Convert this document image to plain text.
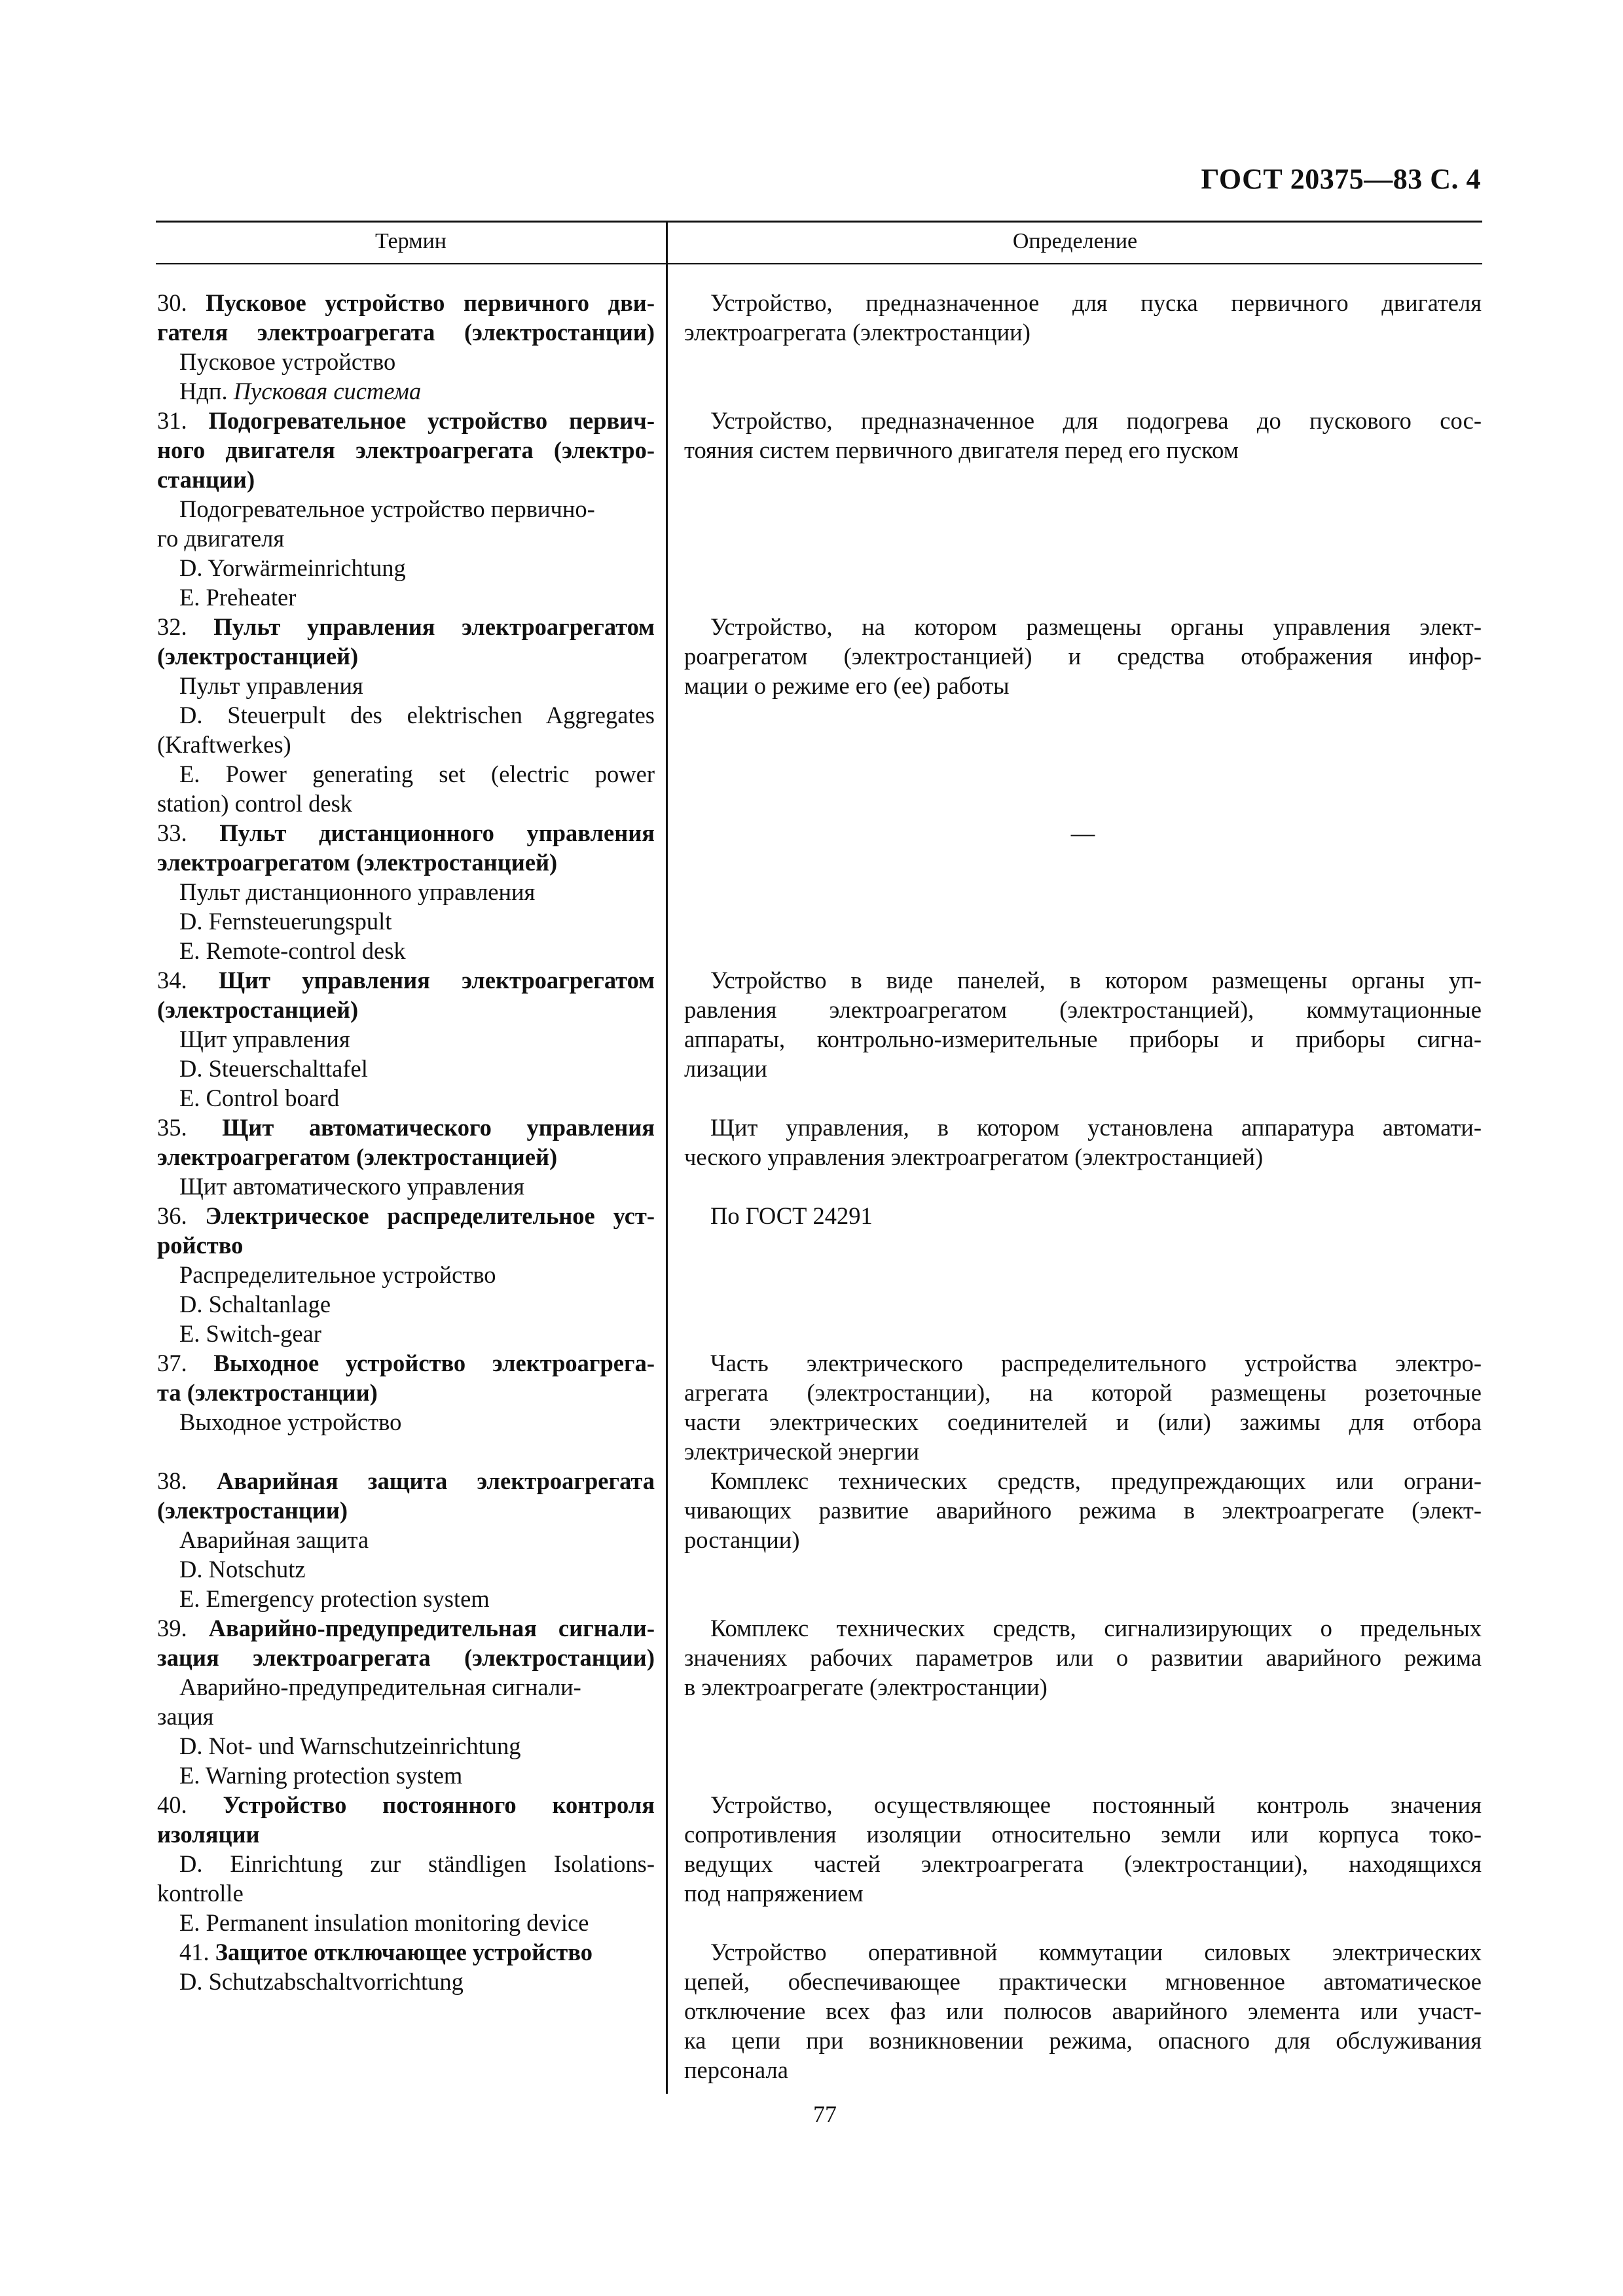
ГОСТ 20375—83 С. 4
Термин	Определение
30. Пусковое устройство первичного дви-
гателя электроагрегата (электростанции)
Пусковое устройство
Ндп. Пусковая система
31. Подогревательное устройство первич-
ного двигателя электроагрегата (электро-
станции)
Подогревательное устройство первично-
го двигателя
D. Yorwärmeinrichtung
E. Preheater
32. Пульт управления электроагрегатом
(электростанцией)
Пульт управления
D. Steuerpult des elektrischen Aggregates
(Kraftwerkes)
E. Power generating set (electric power
station) control desk
33. Пульт дистанционного управления
электроагрегатом (электростанцией)
Пульт дистанционного управления
D. Fernsteuerungspult
E. Remote-control desk
34. Щит управления электроагрегатом
(электростанцией)
Щит управления
D. Steuerschalttafel
E. Control board
35. Щит автоматического управления
электроагрегатом (электростанцией)
Щит автоматического управления
36. Электрическое распределительное уст-
ройство
Распределительное устройство
D. Schaltanlage
E. Switch-gear
37. Выходное устройство электроагрега-
та (электростанции)
Выходное устройство
38. Аварийная защита электроагрегата
(электростанции)
Аварийная защита
D. Notschutz
E. Emergency protection system
39. Аварийно-предупредительная сигнали-
зация электроагрегата (электростанции)
Аварийно-предупредительная сигнали-
зация
D. Not- und Warnschutzeinrichtung
E. Warning protection system
40. Устройство постоянного контроля
изоляции
D. Einrichtung zur ständligen Isolations-
kontrolle
E. Permanent insulation monitoring device
41. Защитое отключающее устройство
D. Schutzabschaltvorrichtung
Устройство, предназначенное для пуска первичного двигателя
электроагрегата (электростанции)
Устройство, предназначенное для подогрева до пускового сос-
тояния систем первичного двигателя перед его пуском
Устройство, на котором размещены органы управления элект-
роагрегатом (электростанцией) и средства отображения инфор-
мации о режиме его (ее) работы
—
Устройство в виде панелей, в котором размещены органы уп-
равления электроагрегатом (электростанцией), коммутационные
аппараты, контрольно-измерительные приборы и приборы сигна-
лизации
Щит управления, в котором установлена аппаратура автомати-
ческого управления электроагрегатом (электростанцией)
По ГОСТ 24291
Часть электрического распределительного устройства электро-
агрегата (электростанции), на которой размещены розеточные
части электрических соединителей и (или) зажимы для отбора
электрической энергии
Комплекс технических средств, предупреждающих или ограни-
чивающих развитие аварийного режима в электроагрегате (элект-
ростанции)
Комплекс технических средств, сигнализирующих о предельных
значениях рабочих параметров или о развитии аварийного режима
в электроагрегате (электростанции)
Устройство, осуществляющее постоянный контроль значения
сопротивления изоляции относительно земли или корпуса токо-
ведущих частей электроагрегата (электростанции), находящихся
под напряжением
Устройство оперативной коммутации силовых электрических
цепей, обеспечивающее практически мгновенное автоматическое
отключение всех фаз или полюсов аварийного элемента или участ-
ка цепи при возникновении режима, опасного для обслуживания
персонала
77
